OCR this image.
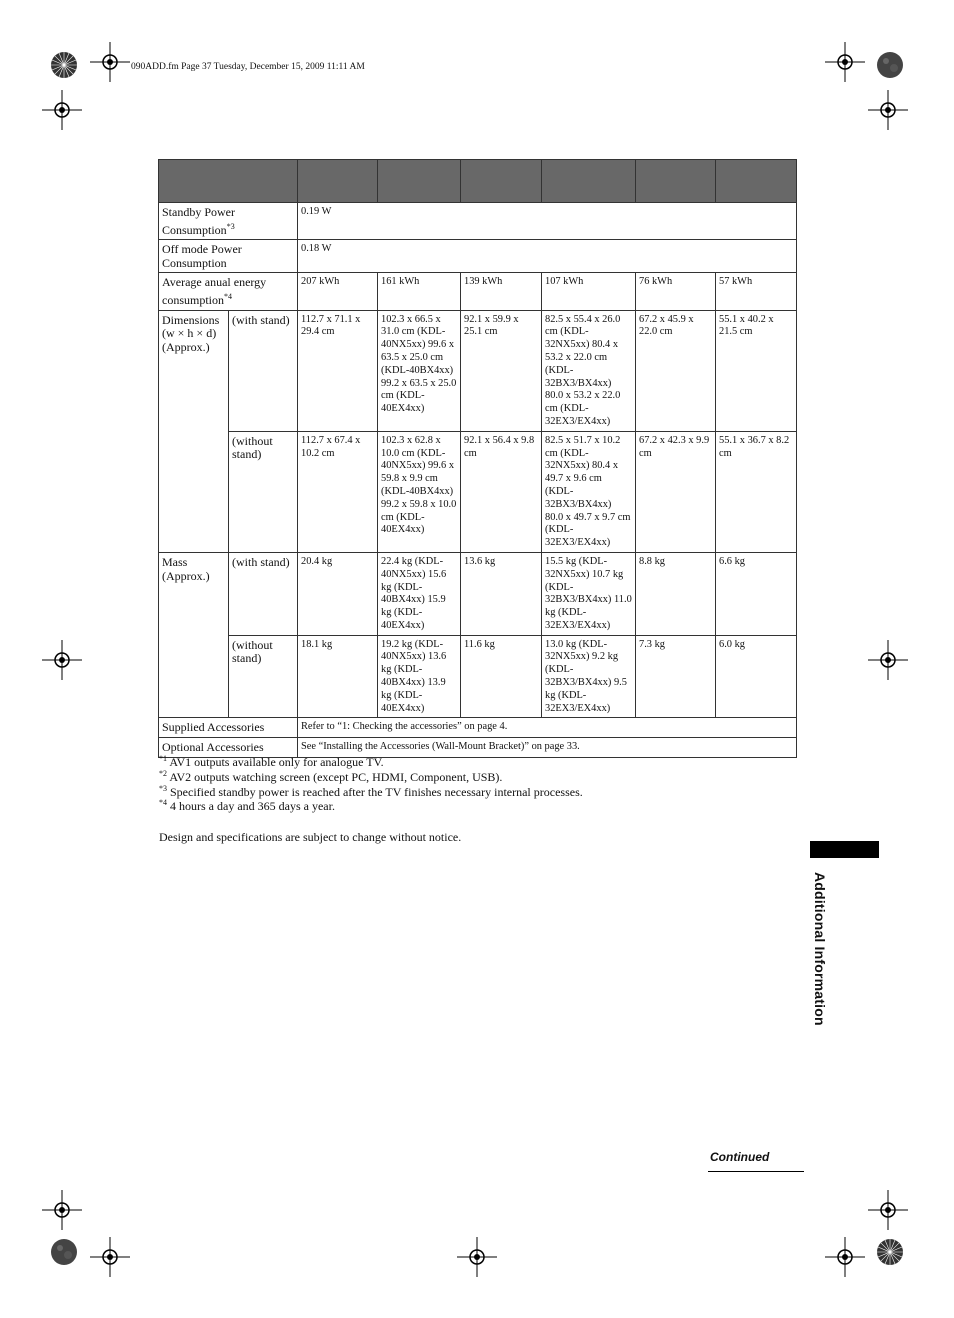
090ADD.fm Page 37 Tuesday, December 15, 2009 11:11 AM

Standby Power Consumption$^{*3}$		0.19 W					
Off mode Power Consumption		0.18 W					
Average anual energy consumption$^{*4}$		207 kWh	161 kWh	139 kWh	107 kWh	76 kWh	57 kWh
Dimensions (w × h × d) (Approx.)	(with stand)	112.7 x 71.1 x 29.4 cm	102.3 x 66.5 x 31.0 cm (KDL-40NX5xx) 99.6 x 63.5 x 25.0 cm (KDL-40BX4xx) 99.2 x 63.5 x 25.0 cm (KDL-40EX4xx)	92.1 x 59.9 x 25.1 cm	82.5 x 55.4 x 26.0 cm (KDL-32NX5xx) 80.4 x 53.2 x 22.0 cm (KDL-32BX3/BX4xx) 80.0 x 53.2 x 22.0 cm (KDL-32EX3/EX4xx)	67.2 x 45.9 x 22.0 cm	55.1 x 40.2 x 21.5 cm
	(without stand)	112.7 x 67.4 x 10.2 cm	102.3 x 62.8 x 10.0 cm (KDL-40NX5xx) 99.6 x 59.8 x 9.9 cm (KDL-40BX4xx) 99.2 x 59.8 x 10.0 cm (KDL-40EX4xx)	92.1 x 56.4 x 9.8 cm	82.5 x 51.7 x 10.2 cm (KDL-32NX5xx) 80.4 x 49.7 x 9.6 cm (KDL-32BX3/BX4xx) 80.0 x 49.7 x 9.7 cm (KDL-32EX3/EX4xx)	67.2 x 42.3 x 9.9 cm	55.1 x 36.7 x 8.2 cm
Mass (Approx.)	(with stand)	20.4 kg	22.4 kg (KDL-40NX5xx) 15.6 kg (KDL-40BX4xx) 15.9 kg (KDL-40EX4xx)	13.6 kg	15.5 kg (KDL-32NX5xx) 10.7 kg (KDL-32BX3/BX4xx) 11.0 kg (KDL-32EX3/EX4xx)	8.8 kg	6.6 kg
	(without stand)	18.1 kg	19.2 kg (KDL-40NX5xx) 13.6 kg (KDL-40BX4xx) 13.9 kg (KDL-40EX4xx)	11.6 kg	13.0 kg (KDL-32NX5xx) 9.2 kg (KDL-32BX3/BX4xx) 9.5 kg (KDL-32EX3/EX4xx)	7.3 kg	6.0 kg
Supplied Accessories		Refer to “1: Checking the accessories” on page 4.					
Optional Accessories		See “Installing the Accessories (Wall-Mount Bracket)” on page 33.					
$^{*1}$ AV1 outputs available only for analogue TV.
$^{*2}$ AV2 outputs watching screen (except PC, HDMI, Component, USB).
$^{*3}$ Specified standby power is reached after the TV finishes necessary internal processes.
$^{*4}$ 4 hours a day and 365 days a year.
Design and specifications are subject to change without notice.
Additional Information
Continued
